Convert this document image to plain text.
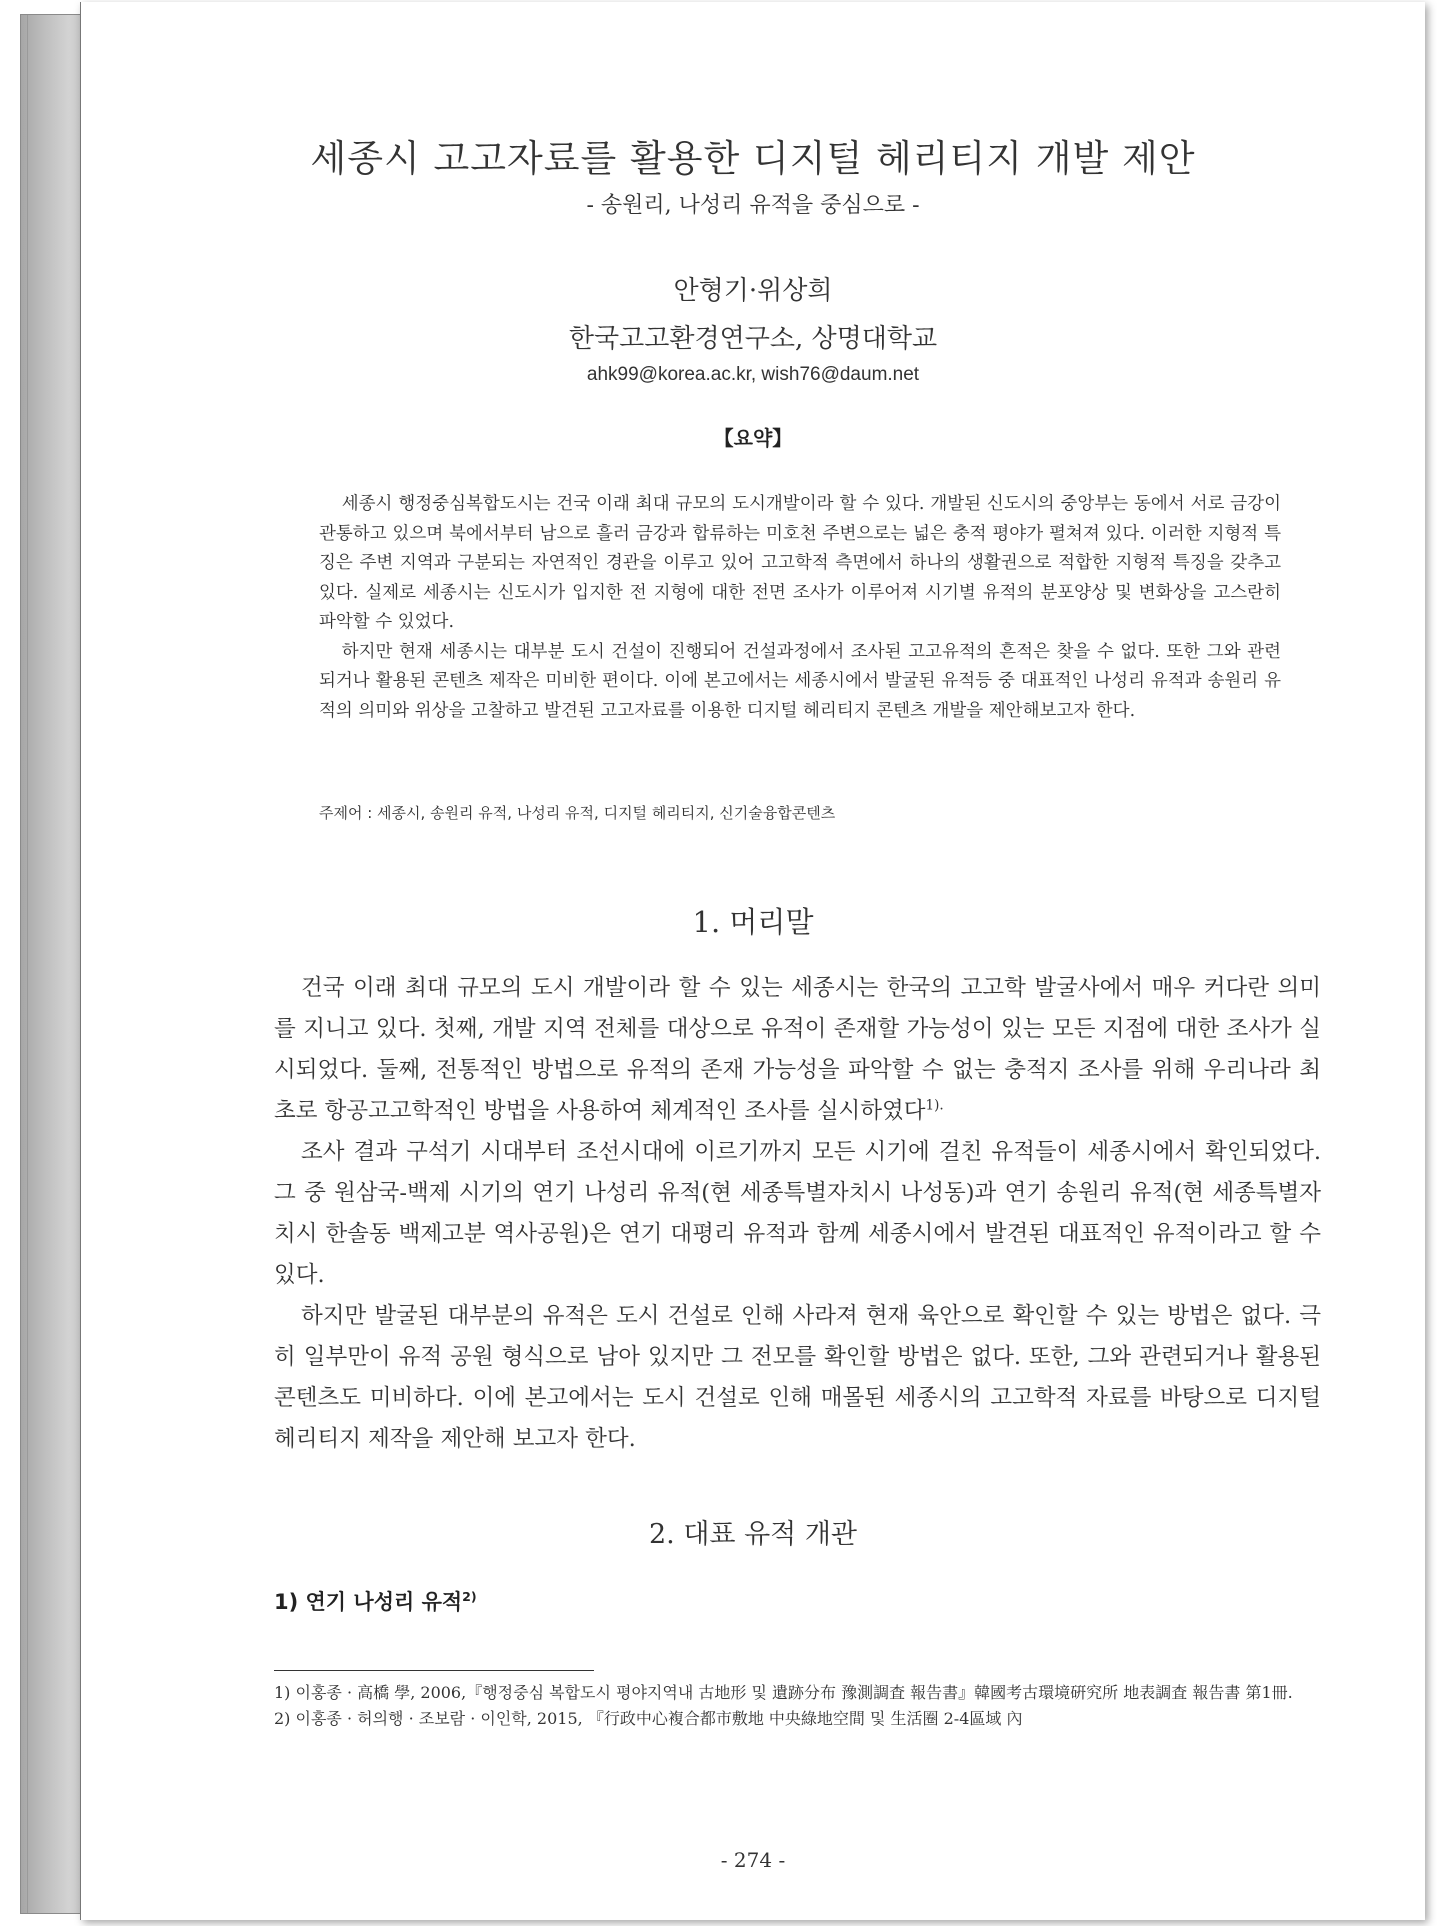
세종시 고고자료를 활용한 디지털 헤리티지 개발 제안
- 송원리, 나성리 유적을 중심으로 -
안형기·위상희
한국고고환경연구소, 상명대학교
ahk99@korea.ac.kr, wish76@daum.net
【요약】

세종시 행정중심복합도시는 건국 이래 최대 규모의 도시개발이라 할 수 있다. 개발된 신도시의 중앙부는 동에서 서로 금강이 관통하고 있으며 북에서부터 남으로 흘러 금강과 합류하는 미호천 주변으로는 넓은 충적 평야가 펼쳐져 있다. 이러한 지형적 특징은 주변 지역과 구분되는 자연적인 경관을 이루고 있어 고고학적 측면에서 하나의 생활권으로 적합한 지형적 특징을 갖추고 있다. 실제로 세종시는 신도시가 입지한 전 지형에 대한 전면 조사가 이루어져 시기별 유적의 분포양상 및 변화상을 고스란히 파악할 수 있었다.

하지만 현재 세종시는 대부분 도시 건설이 진행되어 건설과정에서 조사된 고고유적의 흔적은 찾을 수 없다. 또한 그와 관련되거나 활용된 콘텐츠 제작은 미비한 편이다. 이에 본고에서는 세종시에서 발굴된 유적등 중 대표적인 나성리 유적과 송원리 유적의 의미와 위상을 고찰하고 발견된 고고자료를 이용한 디지털 헤리티지 콘텐츠 개발을 제안해보고자 한다.

주제어 : 세종시, 송원리 유적, 나성리 유적, 디지털 헤리티지, 신기술융합콘텐츠
1. 머리말

건국 이래 최대 규모의 도시 개발이라 할 수 있는 세종시는 한국의 고고학 발굴사에서 매우 커다란 의미를 지니고 있다. 첫째, 개발 지역 전체를 대상으로 유적이 존재할 가능성이 있는 모든 지점에 대한 조사가 실시되었다. 둘째, 전통적인 방법으로 유적의 존재 가능성을 파악할 수 없는 충적지 조사를 위해 우리나라 최초로 항공고고학적인 방법을 사용하여 체계적인 조사를 실시하였다$^{1).}$

조사 결과 구석기 시대부터 조선시대에 이르기까지 모든 시기에 걸친 유적들이 세종시에서 확인되었다. 그 중 원삼국-백제 시기의 연기 나성리 유적(현 세종특별자치시 나성동)과 연기 송원리 유적(현 세종특별자치시 한솔동 백제고분 역사공원)은 연기 대평리 유적과 함께 세종시에서 발견된 대표적인 유적이라고 할 수 있다.

하지만 발굴된 대부분의 유적은 도시 건설로 인해 사라져 현재 육안으로 확인할 수 있는 방법은 없다. 극히 일부만이 유적 공원 형식으로 남아 있지만 그 전모를 확인할 방법은 없다. 또한, 그와 관련되거나 활용된 콘텐츠도 미비하다. 이에 본고에서는 도시 건설로 인해 매몰된 세종시의 고고학적 자료를 바탕으로 디지털 헤리티지 제작을 제안해 보고자 한다.

2. 대표 유적 개관
1) 연기 나성리 유적$^{2)}$
1) 이홍종 · 高橋 學, 2006,『행정중심 복합도시 평야지역내 古地形 및 遺跡分布 豫測調査 報告書』韓國考古環境硏究所 地表調査 報告書 第1冊.
2) 이홍종 · 허의행 · 조보람 · 이인학, 2015, 『行政中心複合都市敷地 中央綠地空間 및 生活圈 2-4區域 內
- 274 -
